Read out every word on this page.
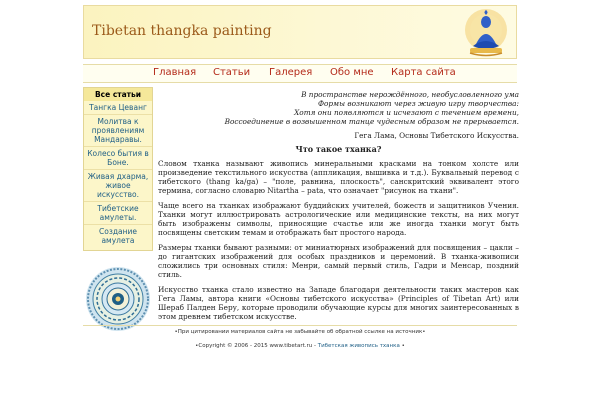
Tibetan thangka painting
Главная Статьи Галерея Обо мне Карта сайта
Все статьи
Тангка Цеванг
Молитва к проявлениям Мандаравы.
Колесо бытия в Боне.
Живая дхарма, живое искусство.
Тибетские амулеты.
Создание амулета
В пространстве нерождённого, необусловленного ума
Формы возникают через живую игру творчества:
Хотя они появляются и исчезают с течением времени,
Воссоединение в возвышенном танце чудесным образом не прерывается.
Гега Лама, Основы Тибетского Искусства.
Что такое тханка?

Словом тханка называют живопись минеральными красками на тонком холсте или произведение текстильного искусства (аппликация, вышивка и т.д.). Буквальный перевод с тибетского (thang ka/ga) – "поле, равнина, плоскость", санскритский эквивалент этого термина, согласно словарю Nitartha – pata, что означает "рисунок на ткани".

Чаще всего на тханках изображают буддийских учителей, божеств и защитников Учения. Тханки могут иллюстрировать астрологические или медицинские тексты, на них могут быть изображены символы, приносящие счастье или же иногда тханки могут быть посвящены светским темам и отображать быт простого народа.

Размеры тханки бывают разными: от миниатюрных изображений для посвящения – цакли – до гигантских изображений для особых праздников и церемоний. В тханка-живописи сложились три основных стиля: Менри, самый первый стиль, Гадри и Менсар, поздний стиль.

Искусство тханка стало известно на Западе благодаря деятельности таких мастеров как Гега Ламы, автора книги «Основы тибетского искусства» (Principles of Tibetan Art) или Шераб Палден Беру, которые проводили обучающие курсы для многих заинтересованных в этом древнем тибетском искусстве.

•При цитировании материалов сайта не забывайте об обратной ссылке на источник•
•Copyright © 2006 - 2015 www.tibetart.ru - Тибетская живопись тханка •
